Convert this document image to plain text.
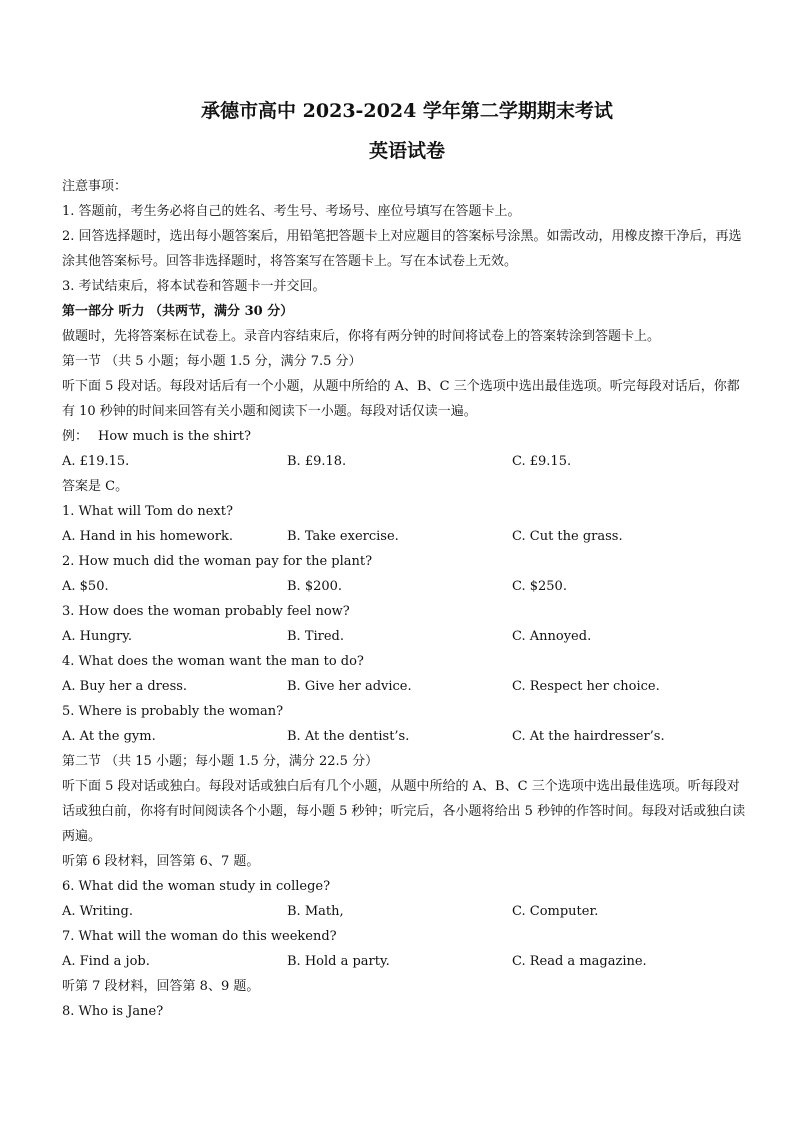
承德市高中 2023-2024 学年第二学期期末考试
英语试卷
注意事项：
1. 答题前，考生务必将自己的姓名、考生号、考场号、座位号填写在答题卡上。
2. 回答选择题时，选出每小题答案后，用铅笔把答题卡上对应题目的答案标号涂黑。如需改动，用橡皮擦干净后，再选涂其他答案标号。回答非选择题时，将答案写在答题卡上。写在本试卷上无效。
3. 考试结束后，将本试卷和答题卡一并交回。
第一部分 听力 （共两节，满分 30 分）
做题时，先将答案标在试卷上。录音内容结束后，你将有两分钟的时间将试卷上的答案转涂到答题卡上。
第一节 （共 5 小题；每小题 1.5 分，满分 7.5 分）
听下面 5 段对话。每段对话后有一个小题，从题中所给的 A、B、C 三个选项中选出最佳选项。听完每段对话后，你都有 10 秒钟的时间来回答有关小题和阅读下一小题。每段对话仅读一遍。
例： How much is the shirt?
A. £19.15.	B. £9.18.	C. £9.15.
答案是 C。
1. What will Tom do next?
A. Hand in his homework.	B. Take exercise.	C. Cut the grass.
2. How much did the woman pay for the plant?
A. $50.	B. $200.	C. $250.
3. How does the woman probably feel now?
A. Hungry.	B. Tired.	C. Annoyed.
4. What does the woman want the man to do?
A. Buy her a dress.	B. Give her advice.	C. Respect her choice.
5. Where is probably the woman?
A. At the gym.	B. At the dentist’s.	C. At the hairdresser’s.
第二节 （共 15 小题；每小题 1.5 分，满分 22.5 分）
听下面 5 段对话或独白。每段对话或独白后有几个小题，从题中所给的 A、B、C 三个选项中选出最佳选项。听每段对话或独白前，你将有时间阅读各个小题，每小题 5 秒钟；听完后，各小题将给出 5 秒钟的作答时间。每段对话或独白读两遍。
听第 6 段材料，回答第 6、7 题。
6. What did the woman study in college?
A. Writing.	B. Math,	C. Computer.
7. What will the woman do this weekend?
A. Find a job.	B. Hold a party.	C. Read a magazine.
听第 7 段材料，回答第 8、9 题。
8. Who is Jane?
